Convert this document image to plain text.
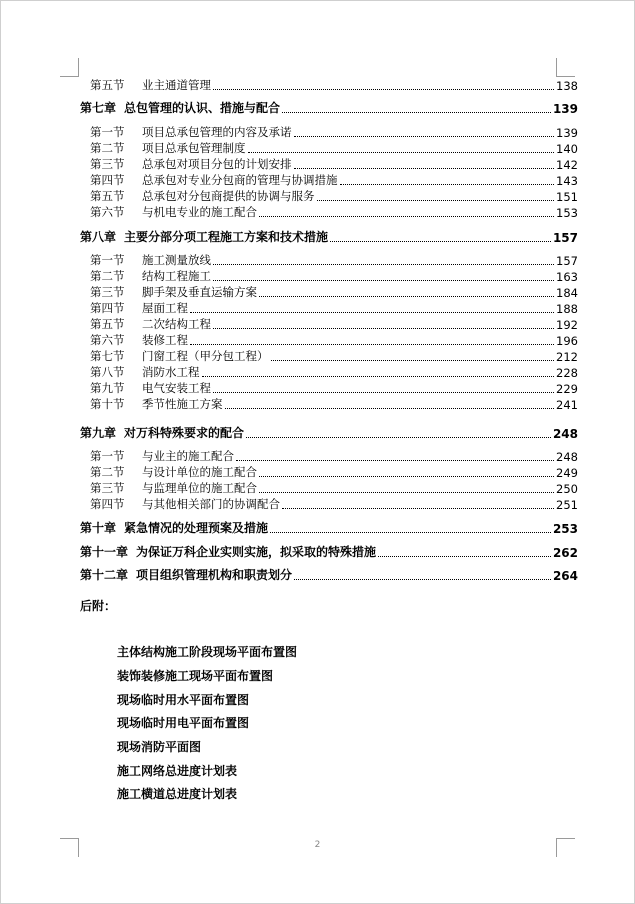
第五节	业主通道管理	138
第七章 总包管理的认识、措施与配合	139
第一节	项目总承包管理的内容及承诺	139
第二节	项目总承包管理制度	140
第三节	总承包对项目分包的计划安排	142
第四节	总承包对专业分包商的管理与协调措施	143
第五节	总承包对分包商提供的协调与服务	151
第六节	与机电专业的施工配合	153
第八章 主要分部分项工程施工方案和技术措施	157
第一节	施工测量放线	157
第二节	结构工程施工	163
第三节	脚手架及垂直运输方案	184
第四节	屋面工程	188
第五节	二次结构工程	192
第六节	装修工程	196
第七节	门窗工程（甲分包工程）	212
第八节	消防水工程	228
第九节	电气安装工程	229
第十节	季节性施工方案	241
第九章 对万科特殊要求的配合	248
第一节	与业主的施工配合	248
第二节	与设计单位的施工配合	249
第三节	与监理单位的施工配合	250
第四节	与其他相关部门的协调配合	251
第十章 紧急情况的处理预案及措施	253
第十一章 为保证万科企业实则实施，拟采取的特殊措施	262
第十二章 项目组织管理机构和职责划分	264
后附：
主体结构施工阶段现场平面布置图
装饰装修施工现场平面布置图
现场临时用水平面布置图
现场临时用电平面布置图
现场消防平面图
施工网络总进度计划表
施工横道总进度计划表
2
